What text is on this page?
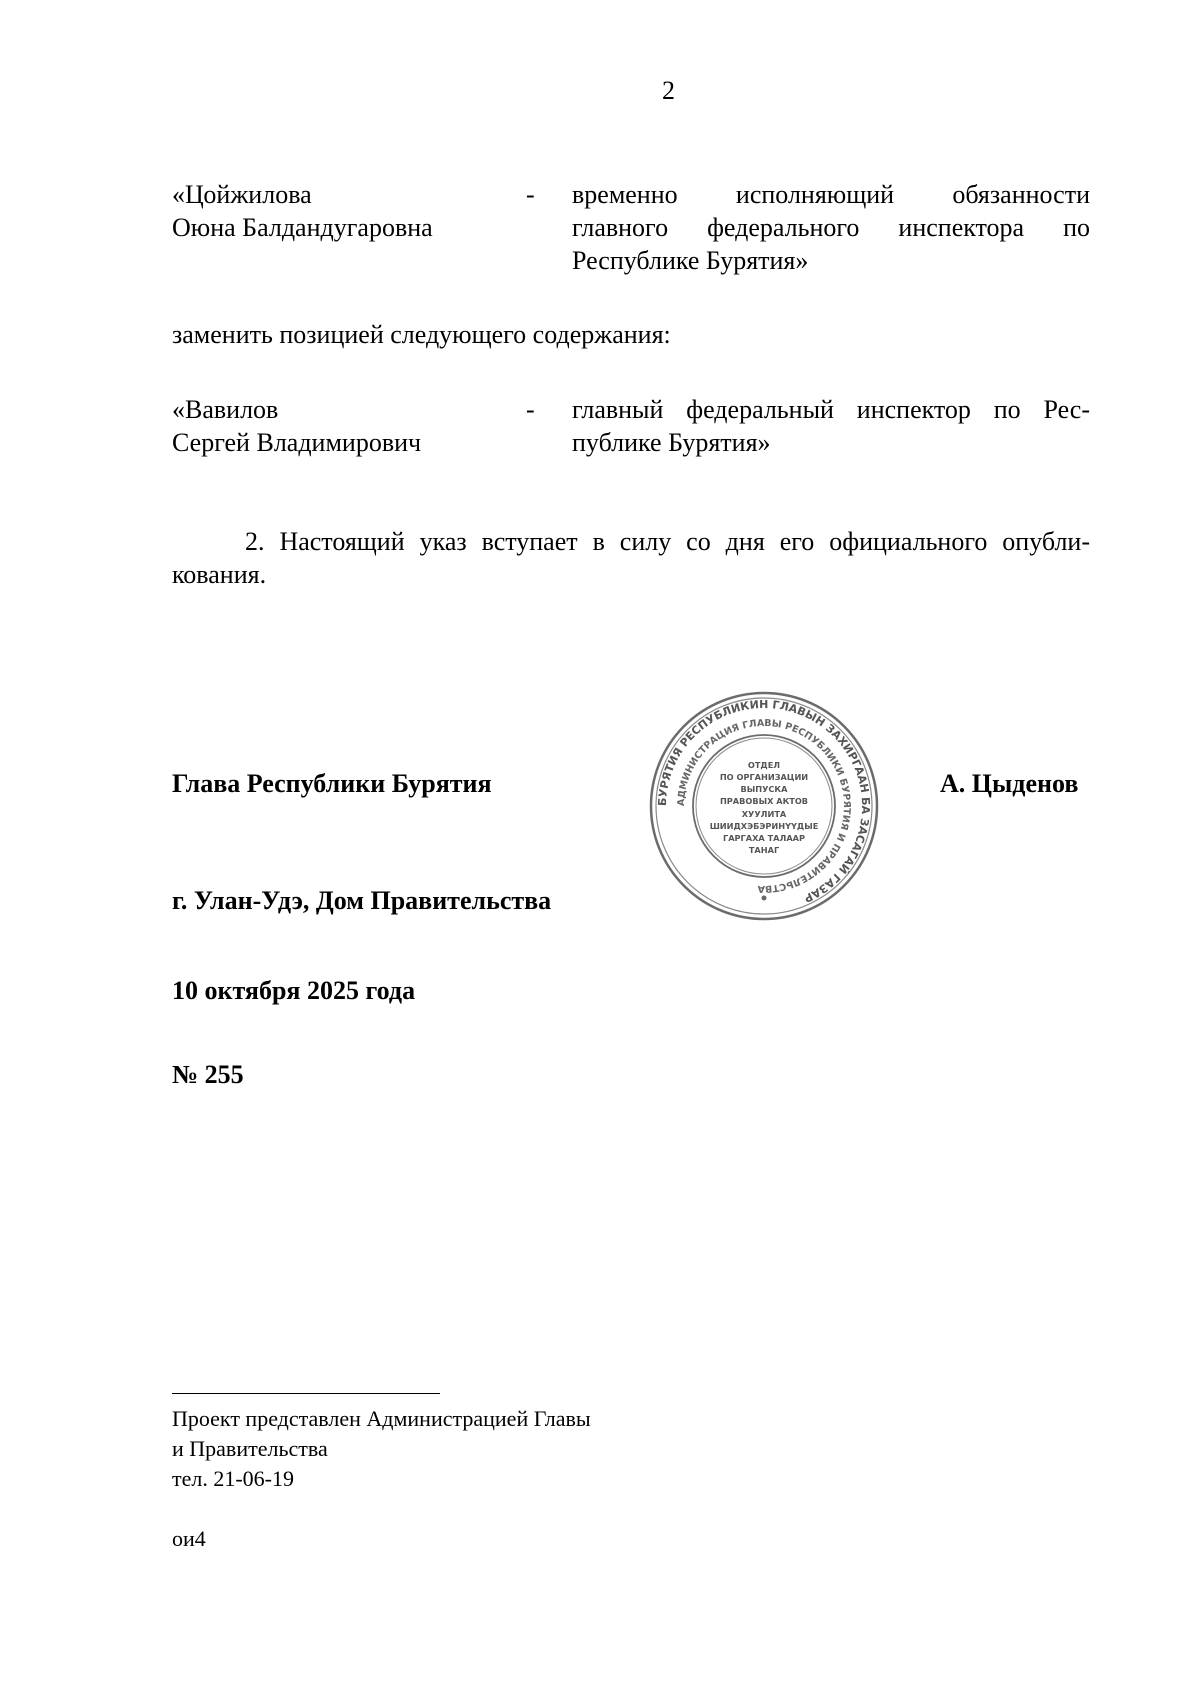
2
«Цойжилова
Оюна Балдандугаровна
- временно исполняющий обязанности
главного федерального инспектора по
Республике Бурятия»
заменить позицией следующего содержания:
«Вавилов
Сергей Владимирович
- главный федеральный инспектор по Рес-
публике Бурятия»
2. Настоящий указ вступает в силу со дня его официального опубли-
кования.
Глава Республики Бурятия	А. Цыденов
БУРЯТИЯ РЕСПУБЛИКИН ГЛАВЫН ЗАХИРГААН БА ЗАСАГАЙ ГАЗАР
АДМИНИСТРАЦИЯ ГЛАВЫ РЕСПУБЛИКИ БУРЯТИЯ И ПРАВИТЕЛЬСТВА
ОТДЕЛ
ПО ОРГАНИЗАЦИИ
ВЫПУСКА
ПРАВОВЫХ АКТОВ
ХУУЛИТА
ШИИДХЭБЭРИНҮҮДЫЕ
ГАРГАХА ТАЛААР
ТАНАГ
г. Улан-Удэ, Дом Правительства
10 октября 2025 года
№ 255
Проект представлен Администрацией Главы
и Правительства
тел. 21-06-19
ои4
